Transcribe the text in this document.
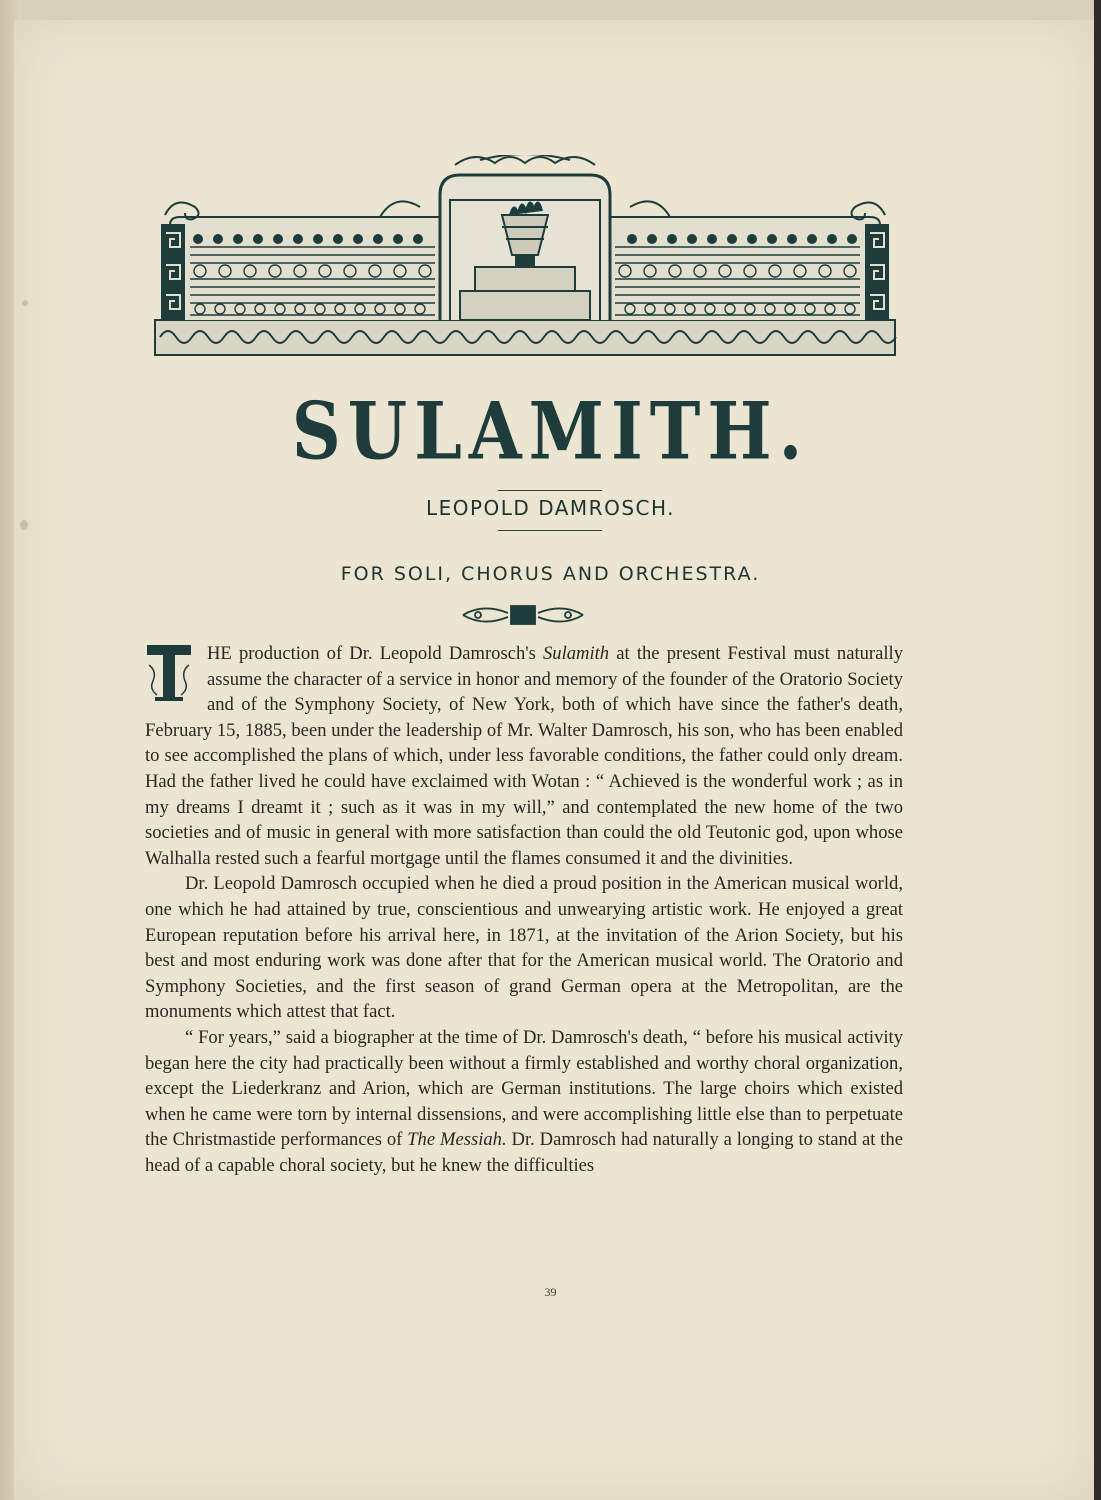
SULAMITH.
LEOPOLD DAMROSCH.
FOR SOLI, CHORUS AND ORCHESTRA.

HE production of Dr. Leopold Damrosch's Sulamith at the present Festival must naturally assume the character of a service in honor and memory of the founder of the Oratorio Society and of the Symphony Society, of New York, both of which have since the father's death, February 15, 1885, been under the leadership of Mr. Walter Damrosch, his son, who has been enabled to see accomplished the plans of which, under less favorable conditions, the father could only dream. Had the father lived he could have exclaimed with Wotan : “ Achieved is the wonderful work ; as in my dreams I dreamt it ; such as it was in my will,” and contemplated the new home of the two societies and of music in general with more satisfaction than could the old Teutonic god, upon whose Walhalla rested such a fearful mortgage until the flames consumed it and the divinities.

Dr. Leopold Damrosch occupied when he died a proud position in the American musical world, one which he had attained by true, conscientious and unwearying artistic work. He enjoyed a great European reputation before his arrival here, in 1871, at the invitation of the Arion Society, but his best and most enduring work was done after that for the American musical world. The Oratorio and Symphony Societies, and the first season of grand German opera at the Metropolitan, are the monuments which attest that fact.

“ For years,” said a biographer at the time of Dr. Damrosch's death, “ before his musical activity began here the city had practically been without a firmly established and worthy choral organization, except the Liederkranz and Arion, which are German institutions. The large choirs which existed when he came were torn by internal dissensions, and were accomplishing little else than to perpetuate the Christmastide performances of The Messiah. Dr. Damrosch had naturally a longing to stand at the head of a capable choral society, but he knew the difficulties

39
